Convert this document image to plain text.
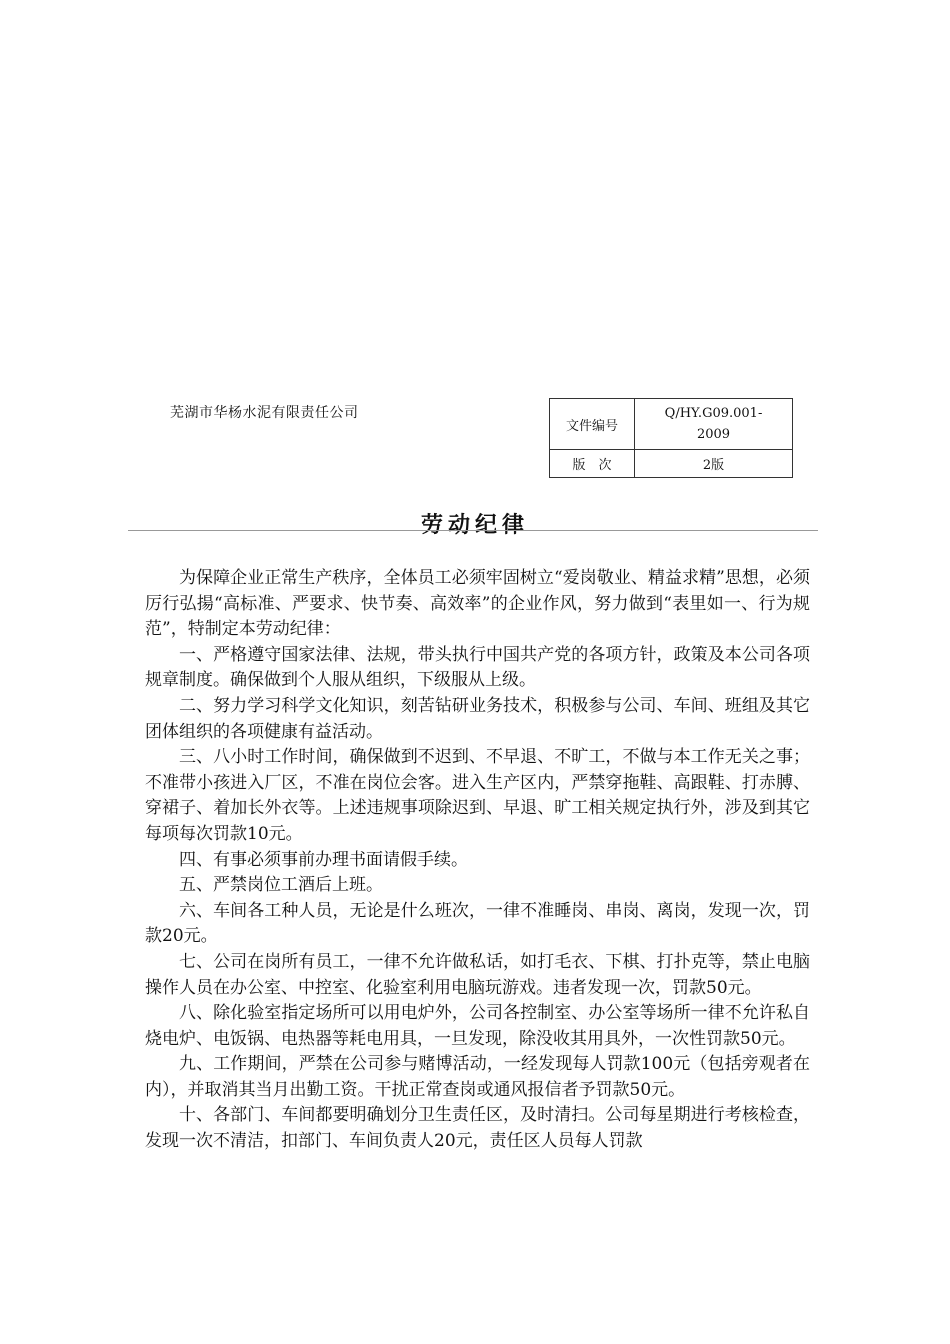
芜湖市华杨水泥有限责任公司
文件编号	Q/HY.G09.001-
2009

版　次	2版
劳动纪律

为保障企业正常生产秩序，全体员工必须牢固树立“爱岗敬业、精益求精”思想，必须厉行弘揚“高标准、严要求、快节奏、高效率”的企业作风，努力做到“表里如一、行为规范”，特制定本劳动纪律：

一、严格遵守国家法律、法规，带头执行中国共产党的各项方针，政策及本公司各项规章制度。确保做到个人服从组织，下级服从上级。

二、努力学习科学文化知识，刻苦钻研业务技术，积极参与公司、车间、班组及其它团体组织的各项健康有益活动。

三、八小时工作时间，确保做到不迟到、不早退、不旷工，不做与本工作无关之事；不准带小孩进入厂区，不准在岗位会客。进入生产区内，严禁穿拖鞋、高跟鞋、打赤膊、穿裙子、着加长外衣等。上述违规事项除迟到、早退、旷工相关规定执行外，涉及到其它每项每次罚款10元。

四、有事必须事前办理书面请假手续。

五、严禁岗位工酒后上班。

六、车间各工种人员，无论是什么班次，一律不准睡岗、串岗、离岗，发现一次，罚款20元。

七、公司在岗所有员工，一律不允许做私话，如打毛衣、下棋、打扑克等，禁止电脑操作人员在办公室、中控室、化验室利用电脑玩游戏。违者发现一次，罚款50元。

八、除化验室指定场所可以用电炉外，公司各控制室、办公室等场所一律不允许私自烧电炉、电饭锅、电热器等耗电用具，一旦发现，除没收其用具外，一次性罚款50元。

九、工作期间，严禁在公司参与赌博活动，一经发现每人罚款100元（包括旁观者在内），并取消其当月出勤工资。干扰正常查岗或通风报信者予罚款50元。

十、各部门、车间都要明确划分卫生责任区，及时清扫。公司每星期进行考核检查，发现一次不清洁，扣部门、车间负责人20元，责任区人员每人罚款
